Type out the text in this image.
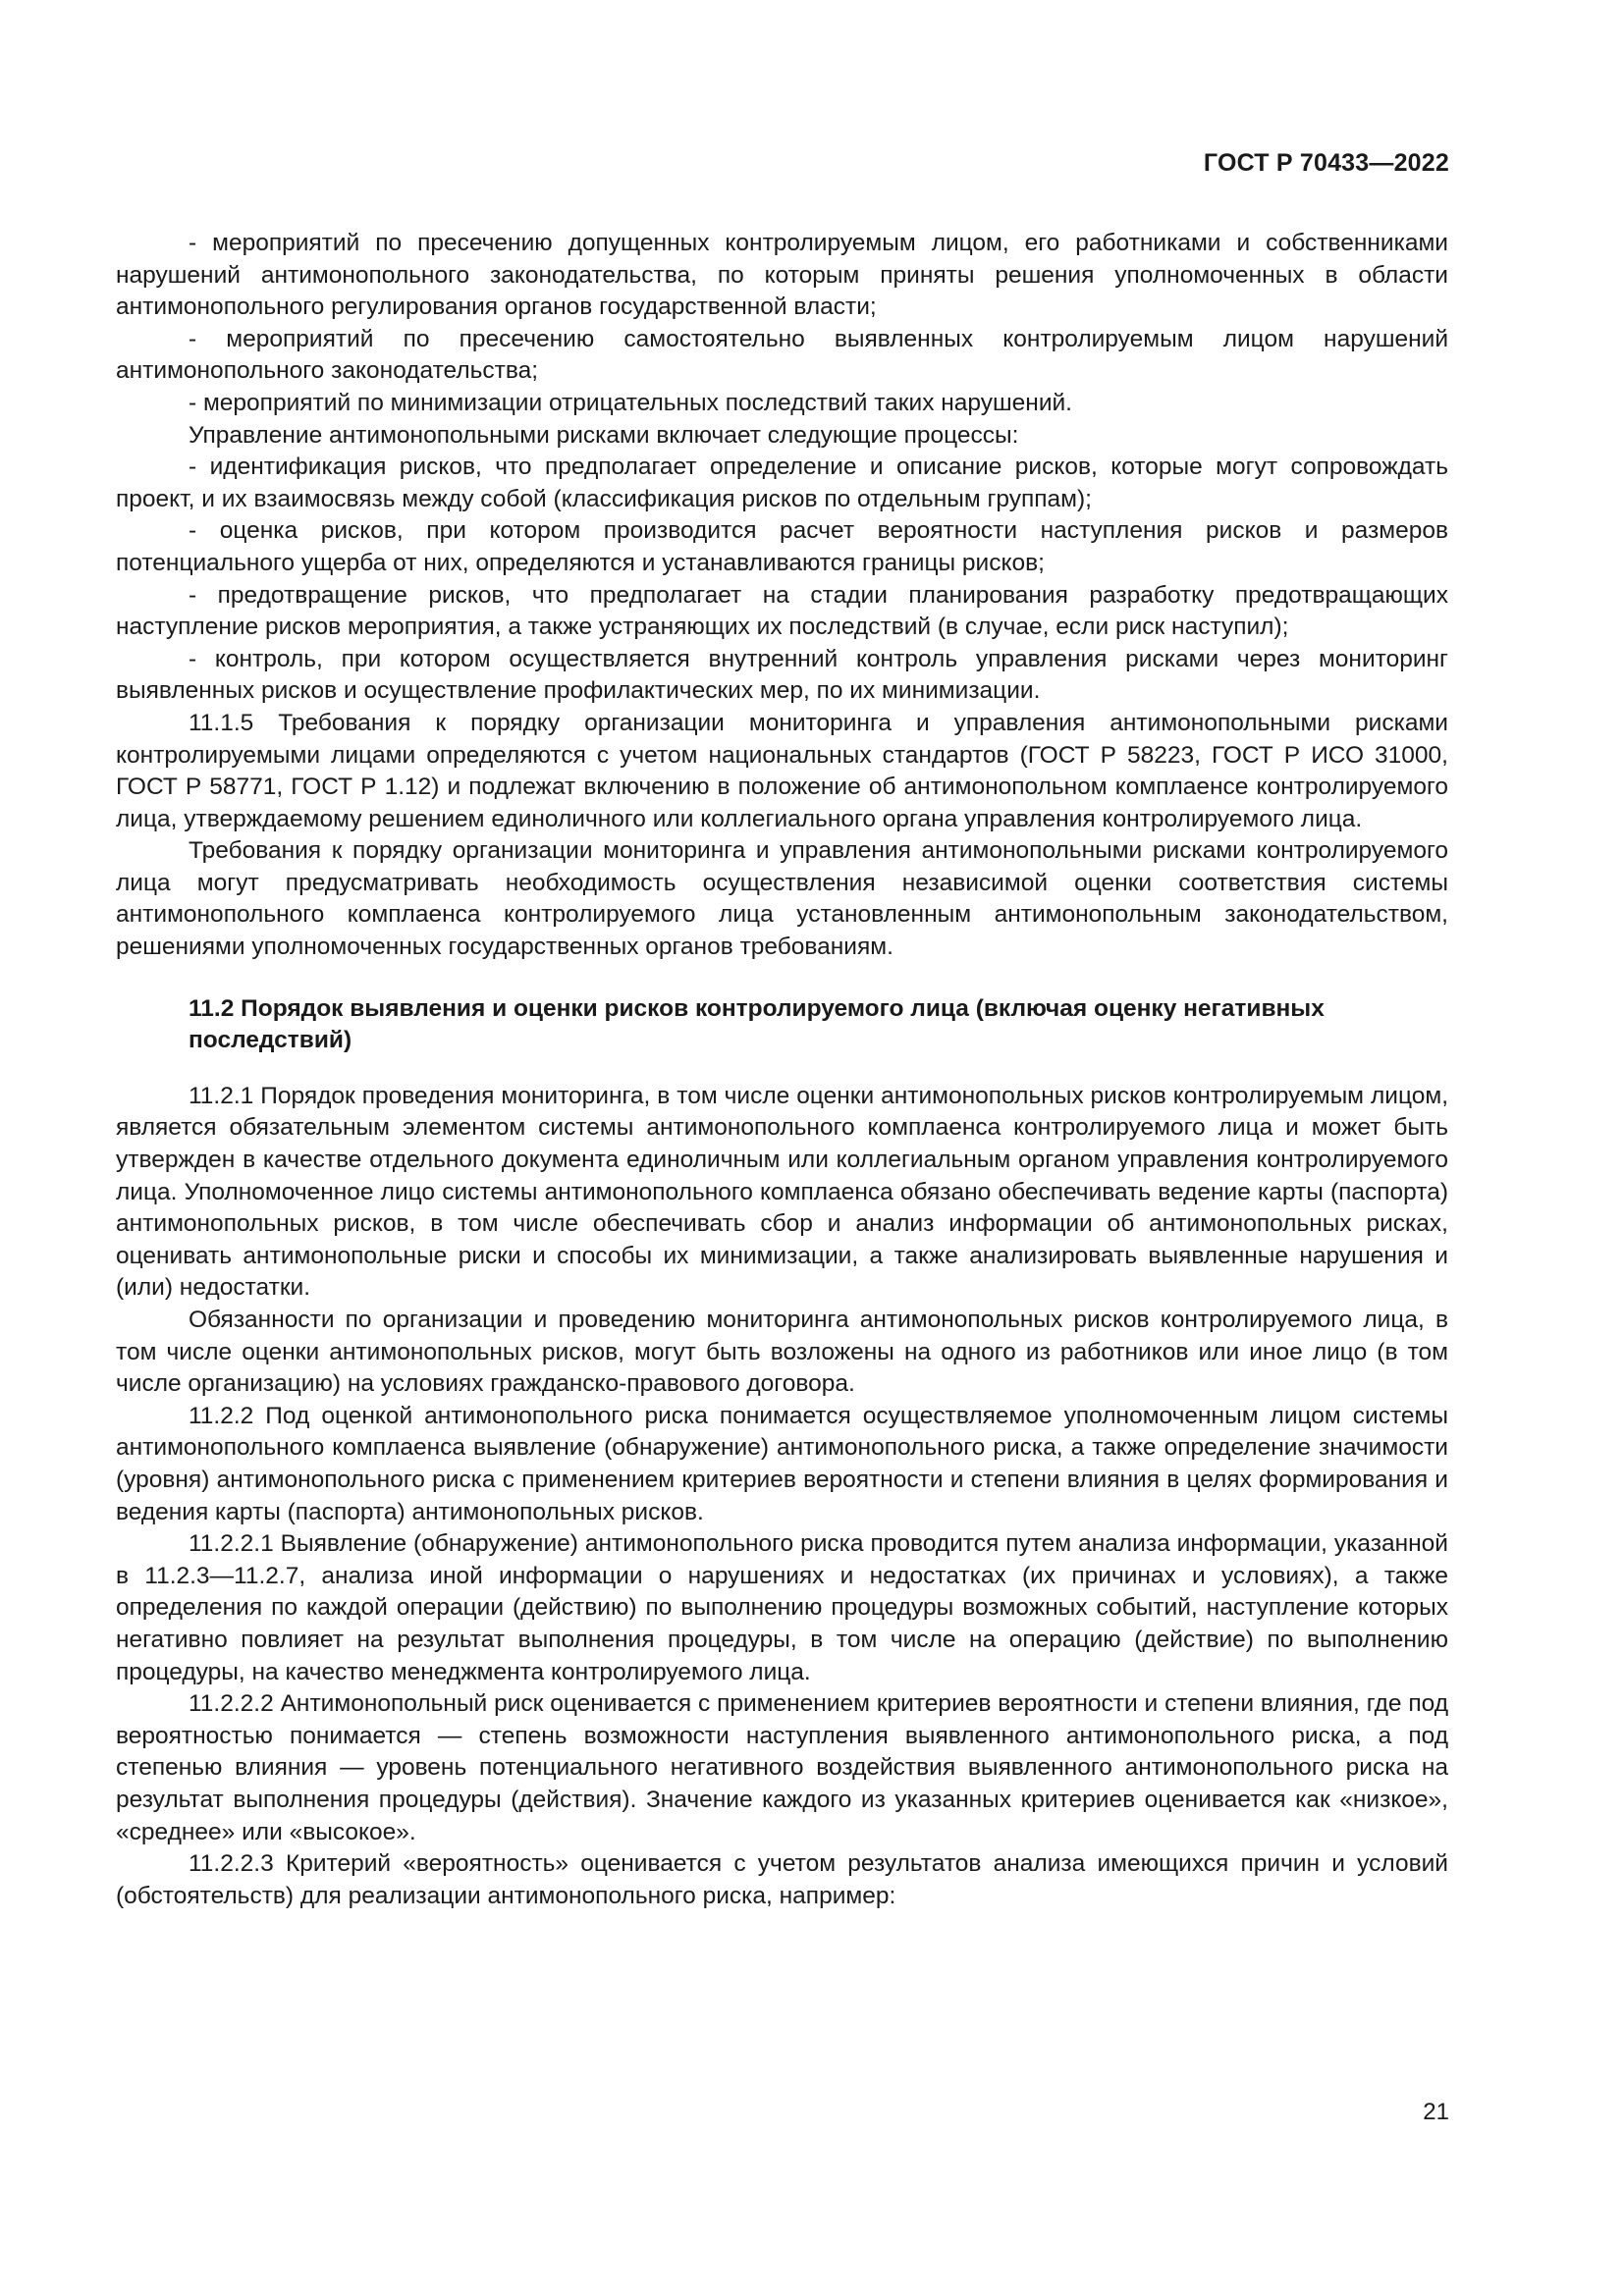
ГОСТ Р 70433—2022

- мероприятий по пресечению допущенных контролируемым лицом, его работниками и собственниками нарушений антимонопольного законодательства, по которым приняты решения уполномоченных в области антимонопольного регулирования органов государственной власти;

- мероприятий по пресечению самостоятельно выявленных контролируемым лицом нарушений антимонопольного законодательства;

- мероприятий по минимизации отрицательных последствий таких нарушений.

Управление антимонопольными рисками включает следующие процессы:

- идентификация рисков, что предполагает определение и описание рисков, которые могут сопровождать проект, и их взаимосвязь между собой (классификация рисков по отдельным группам);

- оценка рисков, при котором производится расчет вероятности наступления рисков и размеров потенциального ущерба от них, определяются и устанавливаются границы рисков;

- предотвращение рисков, что предполагает на стадии планирования разработку предотвращающих наступление рисков мероприятия, а также устраняющих их последствий (в случае, если риск наступил);

- контроль, при котором осуществляется внутренний контроль управления рисками через мониторинг выявленных рисков и осуществление профилактических мер, по их минимизации.

11.1.5 Требования к порядку организации мониторинга и управления антимонопольными рисками контролируемыми лицами определяются с учетом национальных стандартов (ГОСТ Р 58223, ГОСТ Р ИСО 31000, ГОСТ Р 58771, ГОСТ Р 1.12) и подлежат включению в положение об антимонопольном комплаенсе контролируемого лица, утверждаемому решением единоличного или коллегиального органа управления контролируемого лица.

Требования к порядку организации мониторинга и управления антимонопольными рисками контролируемого лица могут предусматривать необходимость осуществления независимой оценки соответствия системы антимонопольного комплаенса контролируемого лица установленным антимонопольным законодательством, решениями уполномоченных государственных органов требованиям.

11.2 Порядок выявления и оценки рисков контролируемого лица (включая оценку негативных последствий)

11.2.1 Порядок проведения мониторинга, в том числе оценки антимонопольных рисков контролируемым лицом, является обязательным элементом системы антимонопольного комплаенса контролируемого лица и может быть утвержден в качестве отдельного документа единоличным или коллегиальным органом управления контролируемого лица. Уполномоченное лицо системы антимонопольного комплаенса обязано обеспечивать ведение карты (паспорта) антимонопольных рисков, в том числе обеспечивать сбор и анализ информации об антимонопольных рисках, оценивать антимонопольные риски и способы их минимизации, а также анализировать выявленные нарушения и (или) недостатки.

Обязанности по организации и проведению мониторинга антимонопольных рисков контролируемого лица, в том числе оценки антимонопольных рисков, могут быть возложены на одного из работников или иное лицо (в том числе организацию) на условиях гражданско-правового договора.

11.2.2 Под оценкой антимонопольного риска понимается осуществляемое уполномоченным лицом системы антимонопольного комплаенса выявление (обнаружение) антимонопольного риска, а также определение значимости (уровня) антимонопольного риска с применением критериев вероятности и степени влияния в целях формирования и ведения карты (паспорта) антимонопольных рисков.

11.2.2.1 Выявление (обнаружение) антимонопольного риска проводится путем анализа информации, указанной в 11.2.3—11.2.7, анализа иной информации о нарушениях и недостатках (их причинах и условиях), а также определения по каждой операции (действию) по выполнению процедуры возможных событий, наступление которых негативно повлияет на результат выполнения процедуры, в том числе на операцию (действие) по выполнению процедуры, на качество менеджмента контролируемого лица.

11.2.2.2 Антимонопольный риск оценивается с применением критериев вероятности и степени влияния, где под вероятностью понимается — степень возможности наступления выявленного антимонопольного риска, а под степенью влияния — уровень потенциального негативного воздействия выявленного антимонопольного риска на результат выполнения процедуры (действия). Значение каждого из указанных критериев оценивается как «низкое», «среднее» или «высокое».

11.2.2.3 Критерий «вероятность» оценивается с учетом результатов анализа имеющихся причин и условий (обстоятельств) для реализации антимонопольного риска, например:

21
